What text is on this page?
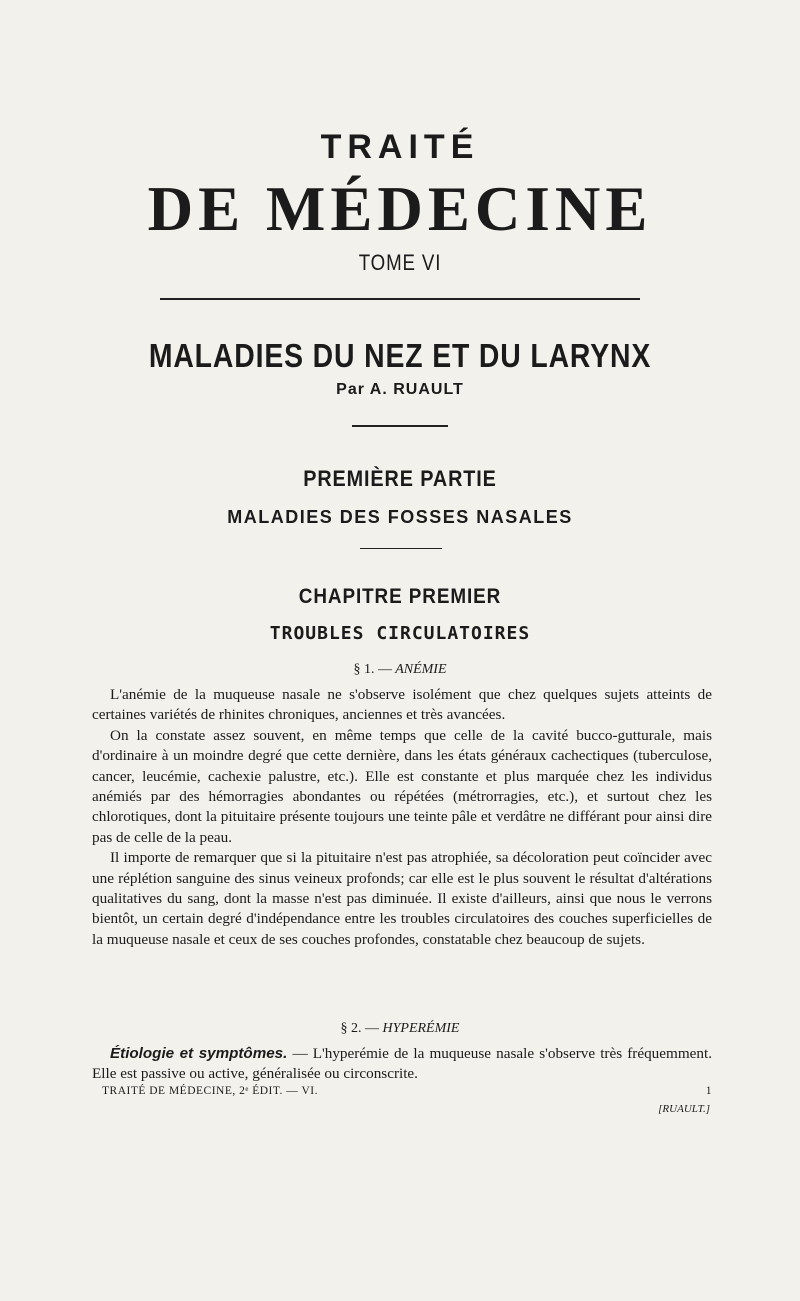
TRAITÉ
DE MÉDECINE
TOME VI
MALADIES DU NEZ ET DU LARYNX
Par A. RUAULT
PREMIÈRE PARTIE
MALADIES DES FOSSES NASALES
CHAPITRE PREMIER
TROUBLES CIRCULATOIRES
§ 1. — ANÉMIE

L'anémie de la muqueuse nasale ne s'observe isolément que chez quelques sujets atteints de certaines variétés de rhinites chroniques, anciennes et très avancées.

On la constate assez souvent, en même temps que celle de la cavité bucco-gutturale, mais d'ordinaire à un moindre degré que cette dernière, dans les états généraux cachectiques (tuberculose, cancer, leucémie, cachexie palustre, etc.). Elle est constante et plus marquée chez les individus anémiés par des hémorragies abondantes ou répétées (métrorragies, etc.), et surtout chez les chlorotiques, dont la pituitaire présente toujours une teinte pâle et verdâtre ne différant pour ainsi dire pas de celle de la peau.

Il importe de remarquer que si la pituitaire n'est pas atrophiée, sa décoloration peut coïncider avec une réplétion sanguine des sinus veineux profonds; car elle est le plus souvent le résultat d'altérations qualitatives du sang, dont la masse n'est pas diminuée. Il existe d'ailleurs, ainsi que nous le verrons bientôt, un certain degré d'indépendance entre les troubles circulatoires des couches superficielles de la muqueuse nasale et ceux de ses couches profondes, constatable chez beaucoup de sujets.

§ 2. — HYPERÉMIE

Étiologie et symptômes. — L'hyperémie de la muqueuse nasale s'observe très fréquemment. Elle est passive ou active, généralisée ou circonscrite.

TRAITÉ DE MÉDECINE, 2ᵉ ÉDIT. — VI.	1
[RUAULT.]
